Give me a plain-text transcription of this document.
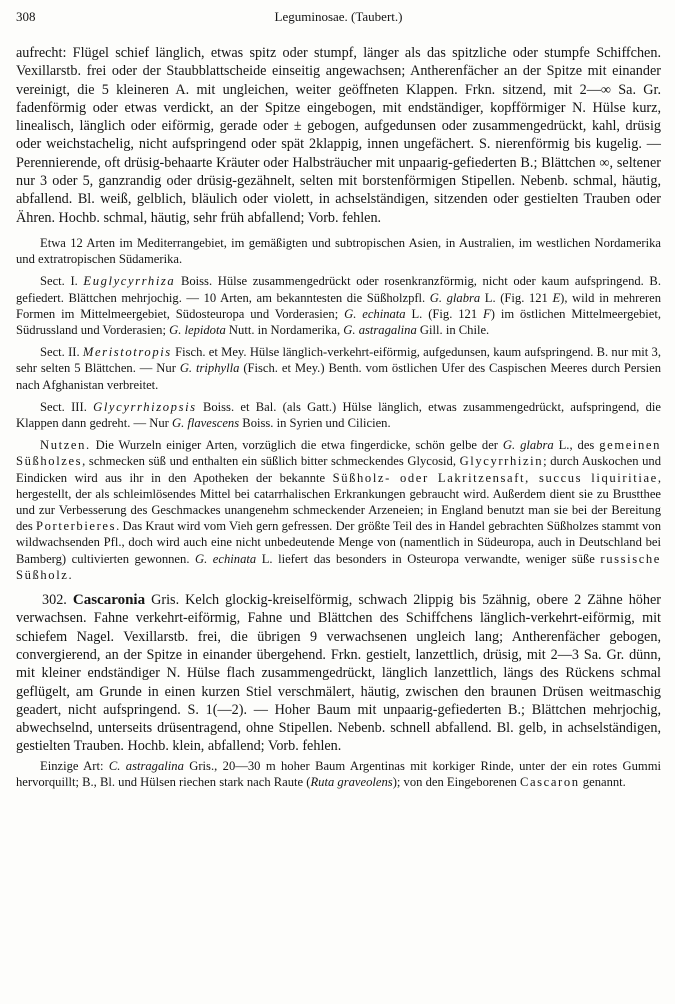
308	Leguminosae. (Taubert.)

aufrecht: Flügel schief länglich, etwas spitz oder stumpf, länger als das spitzliche oder stumpfe Schiffchen. Vexillarstb. frei oder der Staubblattscheide einseitig angewachsen; Antherenfächer an der Spitze mit einander vereinigt, die 5 kleineren A. mit ungleichen, weiter geöffneten Klappen. Frkn. sitzend, mit 2—∞ Sa. Gr. fadenförmig oder etwas verdickt, an der Spitze eingebogen, mit endständiger, kopfförmiger N. Hülse kurz, linealisch, länglich oder eiförmig, gerade oder ± gebogen, aufgedunsen oder zusammengedrückt, kahl, drüsig oder weichstachelig, nicht aufspringend oder spät 2klappig, innen ungefächert. S. nierenförmig bis kugelig. — Perennierende, oft drüsig-behaarte Kräuter oder Halbsträucher mit unpaarig-gefiederten B.; Blättchen ∞, seltener nur 3 oder 5, ganzrandig oder drüsig-gezähnelt, selten mit borstenförmigen Stipellen. Nebenb. schmal, häutig, abfallend. Bl. weiß, gelblich, bläulich oder violett, in achselständigen, sitzenden oder gestielten Trauben oder Ähren. Hochb. schmal, häutig, sehr früh abfallend; Vorb. fehlen.

Etwa 12 Arten im Mediterrangebiet, im gemäßigten und subtropischen Asien, in Australien, im westlichen Nordamerika und extratropischen Südamerika.

Sect. I. Euglycyrrhiza Boiss. Hülse zusammengedrückt oder rosenkranzförmig, nicht oder kaum aufspringend. B. gefiedert. Blättchen mehrjochig. — 10 Arten, am bekanntesten die Süßholzpfl. G. glabra L. (Fig. 121 E), wild in mehreren Formen im Mittelmeergebiet, Südosteuropa und Vorderasien; G. echinata L. (Fig. 121 F) im östlichen Mittelmeergebiet, Südrussland und Vorderasien; G. lepidota Nutt. in Nordamerika, G. astragalina Gill. in Chile.

Sect. II. Meristotropis Fisch. et Mey. Hülse länglich-verkehrt-eiförmig, aufgedunsen, kaum aufspringend. B. nur mit 3, sehr selten 5 Blättchen. — Nur G. triphylla (Fisch. et Mey.) Benth. vom östlichen Ufer des Caspischen Meeres durch Persien nach Afghanistan verbreitet.

Sect. III. Glycyrrhizopsis Boiss. et Bal. (als Gatt.) Hülse länglich, etwas zusammengedrückt, aufspringend, die Klappen dann gedreht. — Nur G. flavescens Boiss. in Syrien und Cilicien.

Nutzen. Die Wurzeln einiger Arten, vorzüglich die etwa fingerdicke, schön gelbe der G. glabra L., des gemeinen Süßholzes, schmecken süß und enthalten ein süßlich bitter schmeckendes Glycosid, Glycyrrhizin; durch Auskochen und Eindicken wird aus ihr in den Apotheken der bekannte Süßholz- oder Lakritzensaft, succus liquiritiae, hergestellt, der als schleimlösendes Mittel bei catarrhalischen Erkrankungen gebraucht wird. Außerdem dient sie zu Brustthee und zur Verbesserung des Geschmackes unangenehm schmeckender Arzeneien; in England benutzt man sie bei der Bereitung des Porterbieres. Das Kraut wird vom Vieh gern gefressen. Der größte Teil des in Handel gebrachten Süßholzes stammt von wildwachsenden Pfl., doch wird auch eine nicht unbedeutende Menge von (namentlich in Südeuropa, auch in Deutschland bei Bamberg) cultivierten gewonnen. G. echinata L. liefert das besonders in Osteuropa verwandte, weniger süße russische Süßholz.

302. Cascaronia Gris. Kelch glockig-kreiselförmig, schwach 2lippig bis 5zähnig, obere 2 Zähne höher verwachsen. Fahne verkehrt-eiförmig, Fahne und Blättchen des Schiffchens länglich-verkehrt-eiförmig, mit schiefem Nagel. Vexillarstb. frei, die übrigen 9 verwachsenen ungleich lang; Antherenfächer gebogen, convergierend, an der Spitze in einander übergehend. Frkn. gestielt, lanzettlich, drüsig, mit 2—3 Sa. Gr. dünn, mit kleiner endständiger N. Hülse flach zusammengedrückt, länglich lanzettlich, längs des Rückens schmal geflügelt, am Grunde in einen kurzen Stiel verschmälert, häutig, zwischen den braunen Drüsen weitmaschig geadert, nicht aufspringend. S. 1(—2). — Hoher Baum mit unpaarig-gefiederten B.; Blättchen mehrjochig, abwechselnd, unterseits drüsentragend, ohne Stipellen. Nebenb. schnell abfallend. Bl. gelb, in achselständigen, gestielten Trauben. Hochb. klein, abfallend; Vorb. fehlen.

Einzige Art: C. astragalina Gris., 20—30 m hoher Baum Argentinas mit korkiger Rinde, unter der ein rotes Gummi hervorquillt; B., Bl. und Hülsen riechen stark nach Raute (Ruta graveolens); von den Eingeborenen Cascaron genannt.
